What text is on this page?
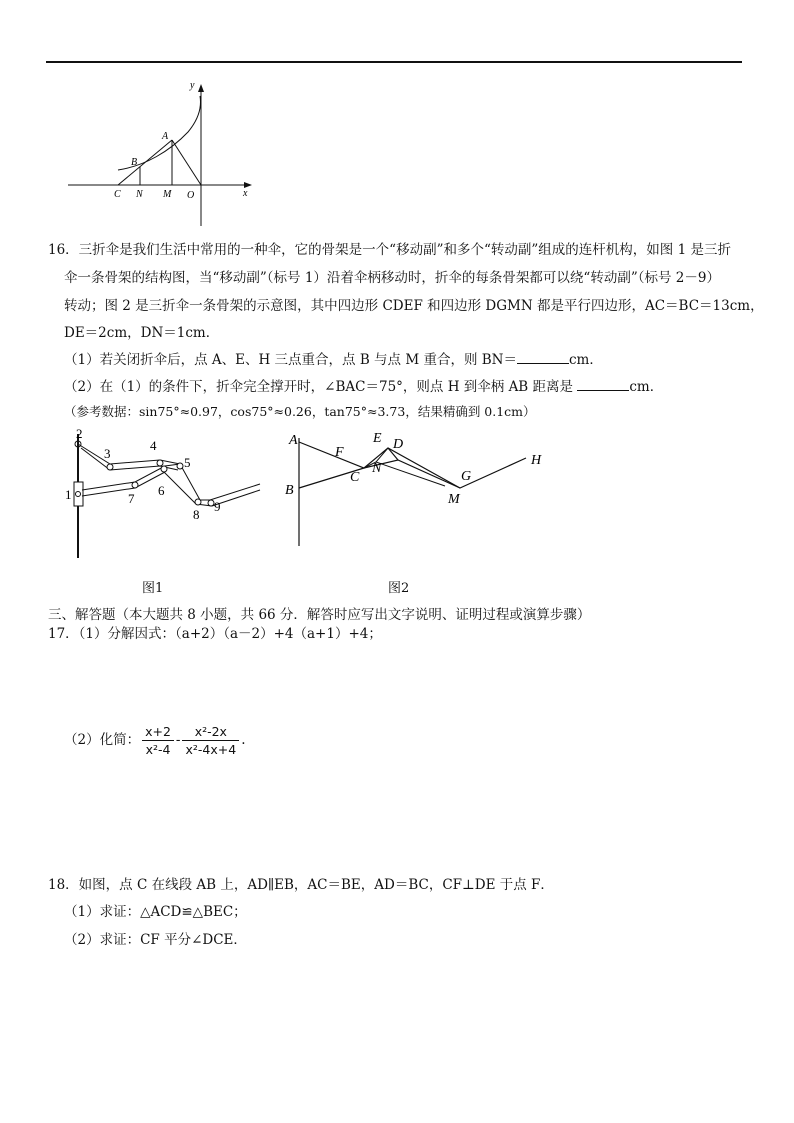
y
x
A
B
C N M O
16．三折伞是我们生活中常用的一种伞，它的骨架是一个“移动副”和多个“转动副”组成的连杆机构，如图 1 是三折
伞一条骨架的结构图，当“移动副”（标号 1）沿着伞柄移动时，折伞的每条骨架都可以绕“转动副”（标号 2－9）
转动；图 2 是三折伞一条骨架的示意图，其中四边形 CDEF 和四边形 DGMN 都是平行四边形，AC＝BC＝13cm，
DE＝2cm，DN＝1cm．
（1）若关闭折伞后，点 A、E、H 三点重合，点 B 与点 M 重合，则 BN＝	cm．
（2）在（1）的条件下，折伞完全撑开时，∠BAC＝75°，则点 H 到伞柄 AB 距离是	cm．
（参考数据：sin75°≈0.97，cos75°≈0.26，tan75°≈3.73，结果精确到 0.1cm）
2
3
4
5
1	6
7
8
9
图1
A
B
F
C
E D
N
G
M
H
图2
三、解答题（本大题共 8 小题，共 66 分．解答时应写出文字说明、证明过程或演算步骤）
17．（1）分解因式：（a+2）（a－2）+4（a+1）+4；
（2）化简： $\frac{x+2}{\text{x²-4}} - \frac{\text{x²-2x}}{\text{x²-4x+4}}$ .
18．如图，点 C 在线段 AB 上，AD∥EB，AC＝BE，AD＝BC，CF⊥DE 于点 F．
（1）求证：△ACD≌△BEC；
（2）求证：CF 平分∠DCE．
